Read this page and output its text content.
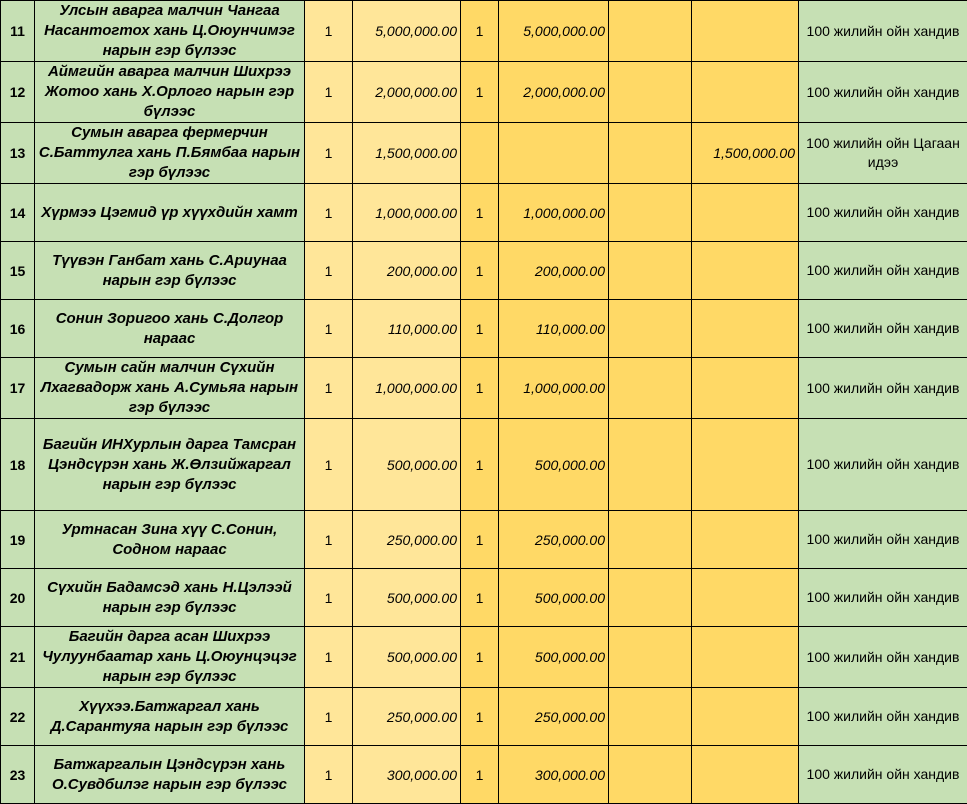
11	Улсын аварга малчин Чангаа Насантогтох хань Ц.Оюунчимэг нарын гэр бүлээс	1	5,000,000.00	1	5,000,000.00			100 жилийн ойн хандив
12	Аймгийн аварга малчин Шихрээ Жотоо хань Х.Орлого нарын гэр бүлээс	1	2,000,000.00	1	2,000,000.00			100 жилийн ойн хандив
13	Сумын аварга фермерчин С.Баттулга хань П.Бямбаа нарын гэр бүлээс	1	1,500,000.00				1,500,000.00	100 жилийн ойн Цагаан идээ
14	Хүрмээ Цэгмид үр хүүхдийн хамт	1	1,000,000.00	1	1,000,000.00			100 жилийн ойн хандив
15	Түүвэн Ганбат хань С.Ариунаа нарын гэр бүлээс	1	200,000.00	1	200,000.00			100 жилийн ойн хандив
16	Сонин Зоригоо хань С.Долгор нараас	1	110,000.00	1	110,000.00			100 жилийн ойн хандив
17	Сумын сайн малчин Сүхийн Лхагвадорж хань А.Сумьяа нарын гэр бүлээс	1	1,000,000.00	1	1,000,000.00			100 жилийн ойн хандив
18	Багийн ИНХурлын дарга Тамсран Цэндсүрэн хань Ж.Өлзийжаргал нарын гэр бүлээс	1	500,000.00	1	500,000.00			100 жилийн ойн хандив
19	Уртнасан Зина хүү С.Сонин, Содном нараас	1	250,000.00	1	250,000.00			100 жилийн ойн хандив
20	Сүхийн Бадамсэд хань Н.Цэлээй нарын гэр бүлээс	1	500,000.00	1	500,000.00			100 жилийн ойн хандив
21	Багийн дарга асан Шихрээ Чулуунбаатар хань Ц.Оюунцэцэг нарын гэр бүлээс	1	500,000.00	1	500,000.00			100 жилийн ойн хандив
22	Хүүхээ.Батжаргал хань Д.Сарантуяа нарын гэр бүлээс	1	250,000.00	1	250,000.00			100 жилийн ойн хандив
23	Батжаргалын Цэндсүрэн хань О.Сувдбилэг нарын гэр бүлээс	1	300,000.00	1	300,000.00			100 жилийн ойн хандив
